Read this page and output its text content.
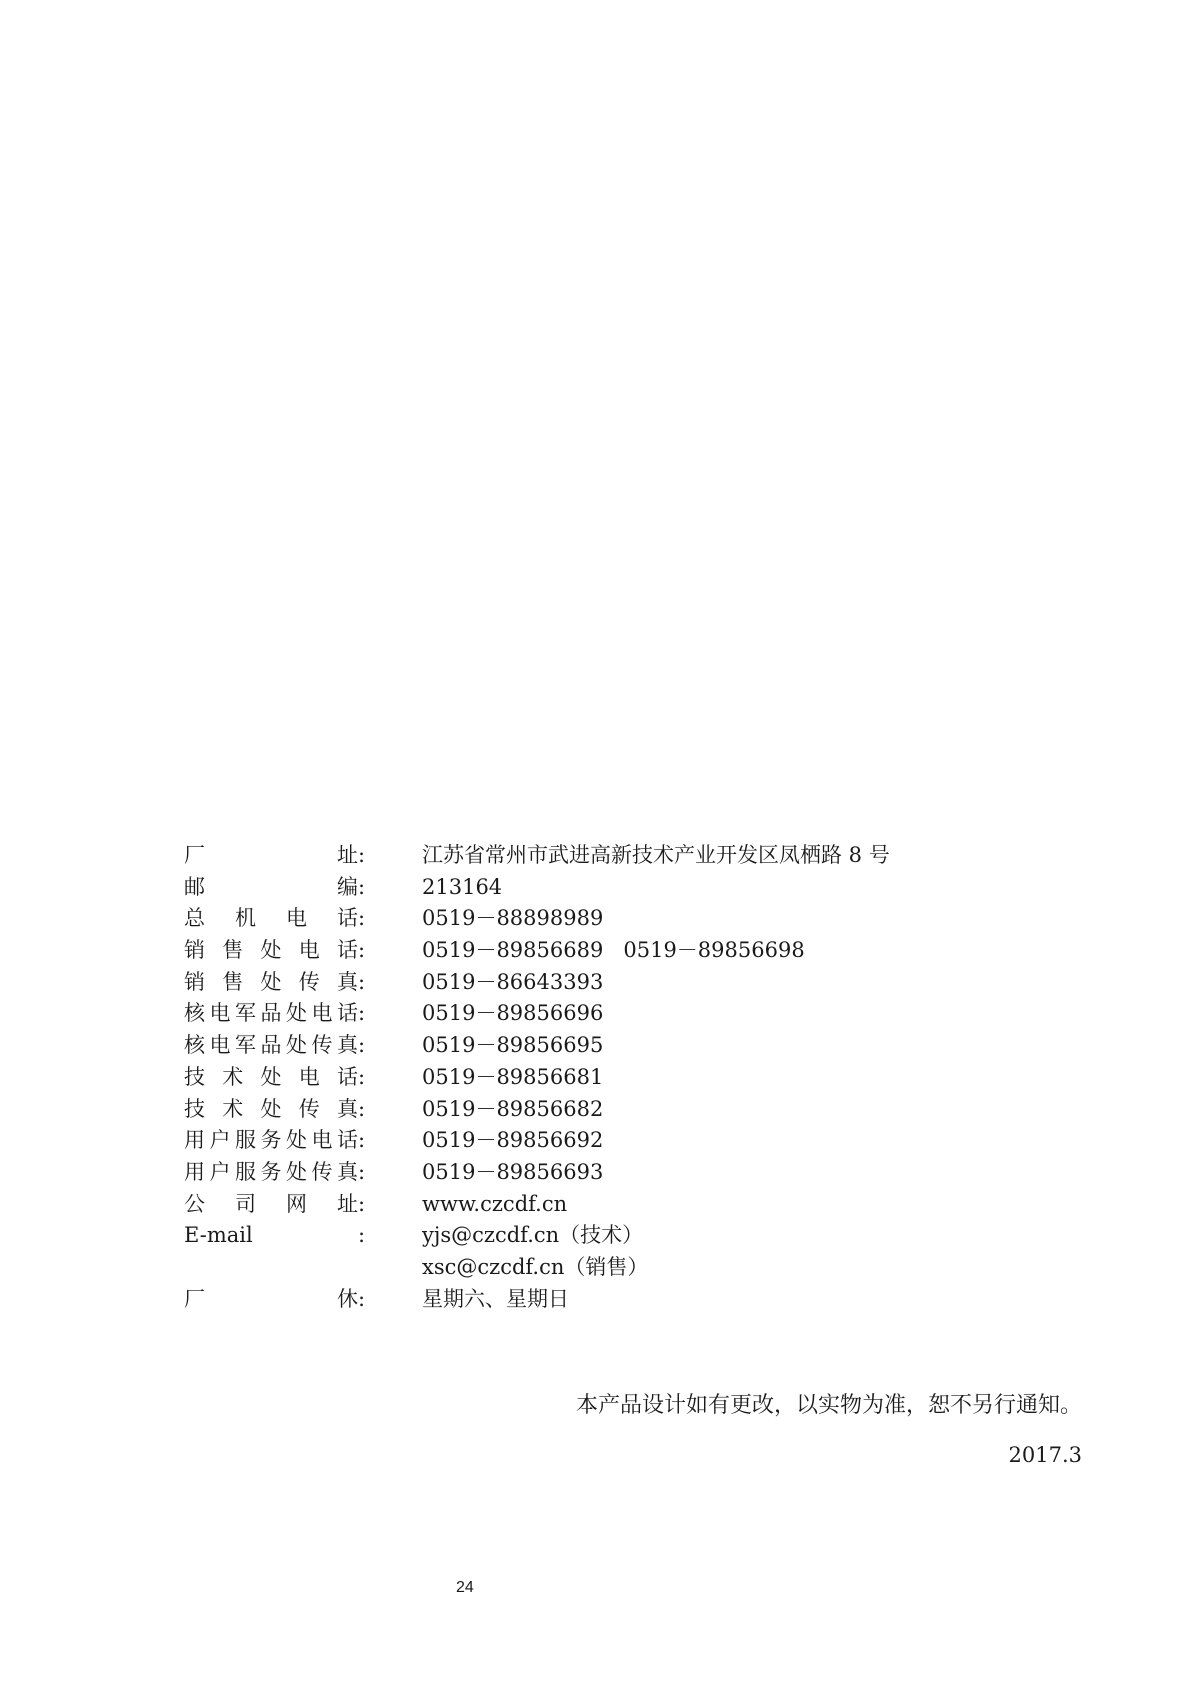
厂址 :	江苏省常州市武进高新技术产业开发区凤栖路 8 号
邮编 :	213164
总机电话 :	0519－88898989
销售处电话 :	0519－89856689   0519－89856698
销售处传真 :	0519－86643393
核电军品处电话 :	0519－89856696
核电军品处传真 :	0519－89856695
技术处电话 :	0519－89856681
技术处传真 :	0519－89856682
用户服务处电话 :	0519－89856692
用户服务处传真 :	0519－89856693
公司网址 :	www.czcdf.cn
E-mail	:	yjs@czcdf.cn（技术）
xsc@czcdf.cn（销售）
厂休 :	星期六、星期日
本产品设计如有更改，以实物为准，恕不另行通知。
2017.3
24
